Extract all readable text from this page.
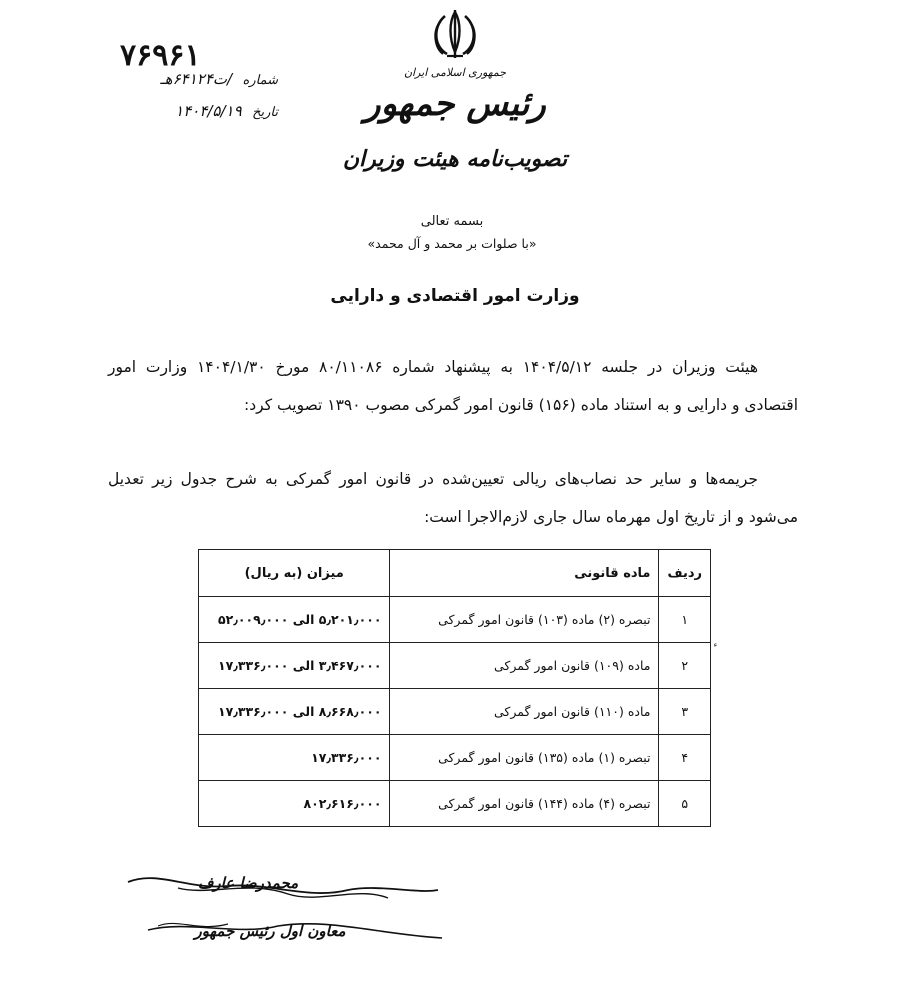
۷۶۹۶۱
شماره /ت۶۴۱۲۴هـ
تاریخ ۱۴۰۴/۵/۱۹
جمهوری اسلامی ایران
رئیس جمهور
تصویب‌نامه هیئت وزیران
بسمه تعالی
«با صلوات بر محمد و آل محمد»
وزارت امور اقتصادی و دارایی
هیئت وزیران در جلسه ۱۴۰۴/۵/۱۲ به پیشنهاد شماره ۸۰/۱۱۰۸۶ مورخ ۱۴۰۴/۱/۳۰ وزارت امور اقتصادی و دارایی و به استناد ماده (۱۵۶) قانون امور گمرکی مصوب ۱۳۹۰ تصویب کرد:
جریمه‌ها و سایر حد نصاب‌های ریالی تعیین‌شده در قانون امور گمرکی به شرح جدول زیر تعدیل می‌شود و از تاریخ اول مهرماه سال جاری لازم‌الاجرا است:
ردیف	ماده قانونی	میزان (به ریال)
۱	تبصره (۲) ماده (۱۰۳) قانون امور گمرکی	۵٫۲۰۱٫۰۰۰ الی ۵۲٫۰۰۹٫۰۰۰
۲	ماده (۱۰۹) قانون امور گمرکی	۳٫۴۶۷٫۰۰۰ الی ۱۷٫۳۳۶٫۰۰۰
۳	ماده (۱۱۰) قانون امور گمرکی	۸٫۶۶۸٫۰۰۰ الی ۱۷٫۳۳۶٫۰۰۰
۴	تبصره (۱) ماده (۱۳۵) قانون امور گمرکی	۱۷٫۳۳۶٫۰۰۰
۵	تبصره (۴) ماده (۱۴۴) قانون امور گمرکی	۸۰۲٫۶۱۶٫۰۰۰
محمدرضا عارف
معاون اول رئیس جمهور
